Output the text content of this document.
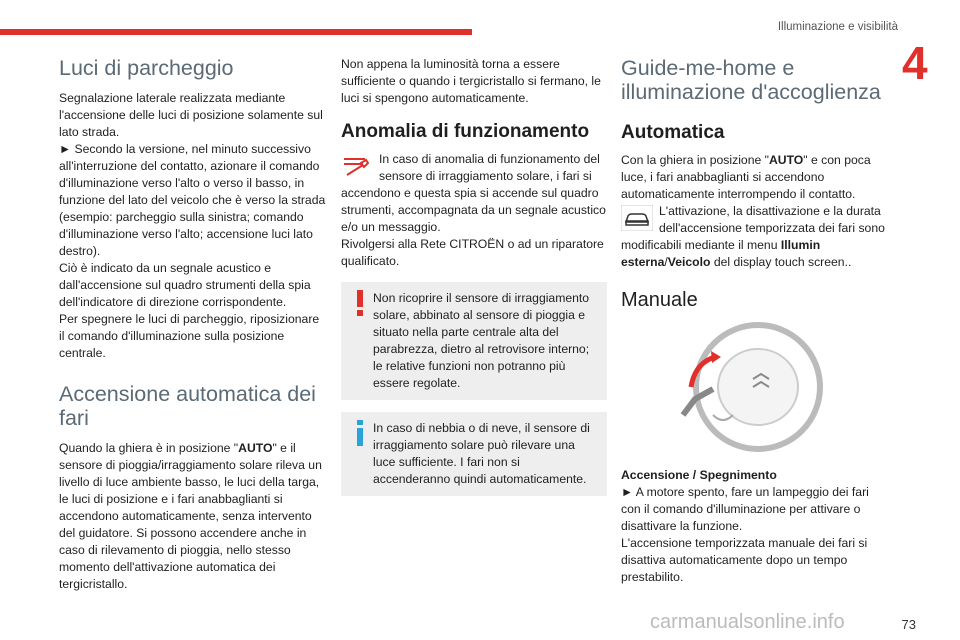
Illuminazione e visibilità
4
Luci di parcheggio

Segnalazione laterale realizzata mediante l'accensione delle luci di posizione solamente sul lato strada.

► Secondo la versione, nel minuto successivo all'interruzione del contatto, azionare il comando d'illuminazione verso l'alto o verso il basso, in funzione del lato del veicolo che è verso la strada (esempio: parcheggio sulla sinistra; comando d'illuminazione verso l'alto; accensione luci lato destro).

Ciò è indicato da un segnale acustico e dall'accensione sul quadro strumenti della spia dell'indicatore di direzione corrispondente.

Per spegnere le luci di parcheggio, riposizionare il comando d'illuminazione sulla posizione centrale.

Accensione automatica dei fari

Quando la ghiera è in posizione "AUTO" e il sensore di pioggia/irraggiamento solare rileva un livello di luce ambiente basso, le luci della targa, le luci di posizione e i fari anabbaglianti si accendono automaticamente, senza intervento del guidatore. Si possono accendere anche in caso di rilevamento di pioggia, nello stesso momento dell'attivazione automatica dei tergicristallo.

Non appena la luminosità torna a essere sufficiente o quando i tergicristallo si fermano, le luci si spengono automaticamente.

Anomalia di funzionamento

In caso di anomalia di funzionamento del sensore di irraggiamento solare, i fari si accendono e questa spia si accende sul quadro strumenti, accompagnata da un segnale acustico e/o un messaggio.

Rivolgersi alla Rete CITROËN o ad un riparatore qualificato.

Non ricoprire il sensore di irraggiamento solare, abbinato al sensore di pioggia e situato nella parte centrale alta del parabrezza, dietro al retrovisore interno; le relative funzioni non potranno più essere regolate.

In caso di nebbia o di neve, il sensore di irraggiamento solare può rilevare una luce sufficiente. I fari non si accenderanno quindi automaticamente.

Guide-me-home e illuminazione d'accoglienza
Automatica

Con la ghiera in posizione "AUTO" e con poca luce, i fari anabbaglianti si accendono automaticamente interrompendo il contatto.

L'attivazione, la disattivazione e la durata dell'accensione temporizzata dei fari sono modificabili mediante il menu Illumin esterna/Veicolo del display touch screen..

Manuale

Accensione / Spegnimento

► A motore spento, fare un lampeggio dei fari con il comando d'illuminazione per attivare o disattivare la funzione.

L'accensione temporizzata manuale dei fari si disattiva automaticamente dopo un tempo prestabilito.

carmanualsonline.info	73
